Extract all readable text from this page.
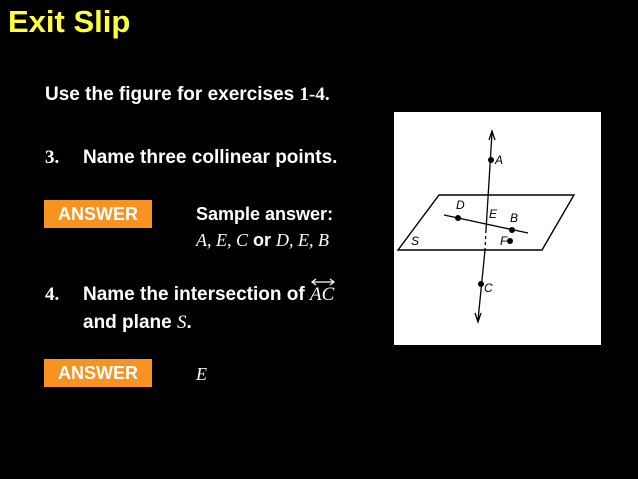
Exit Slip
Use the figure for exercises 1-4.
3. Name three collinear points.
ANSWER	Sample answer:
A, E, C or D, E, B
4. Name the intersection of
AC
and plane S.
ANSWER	E
A
D
E B
S	F
C
